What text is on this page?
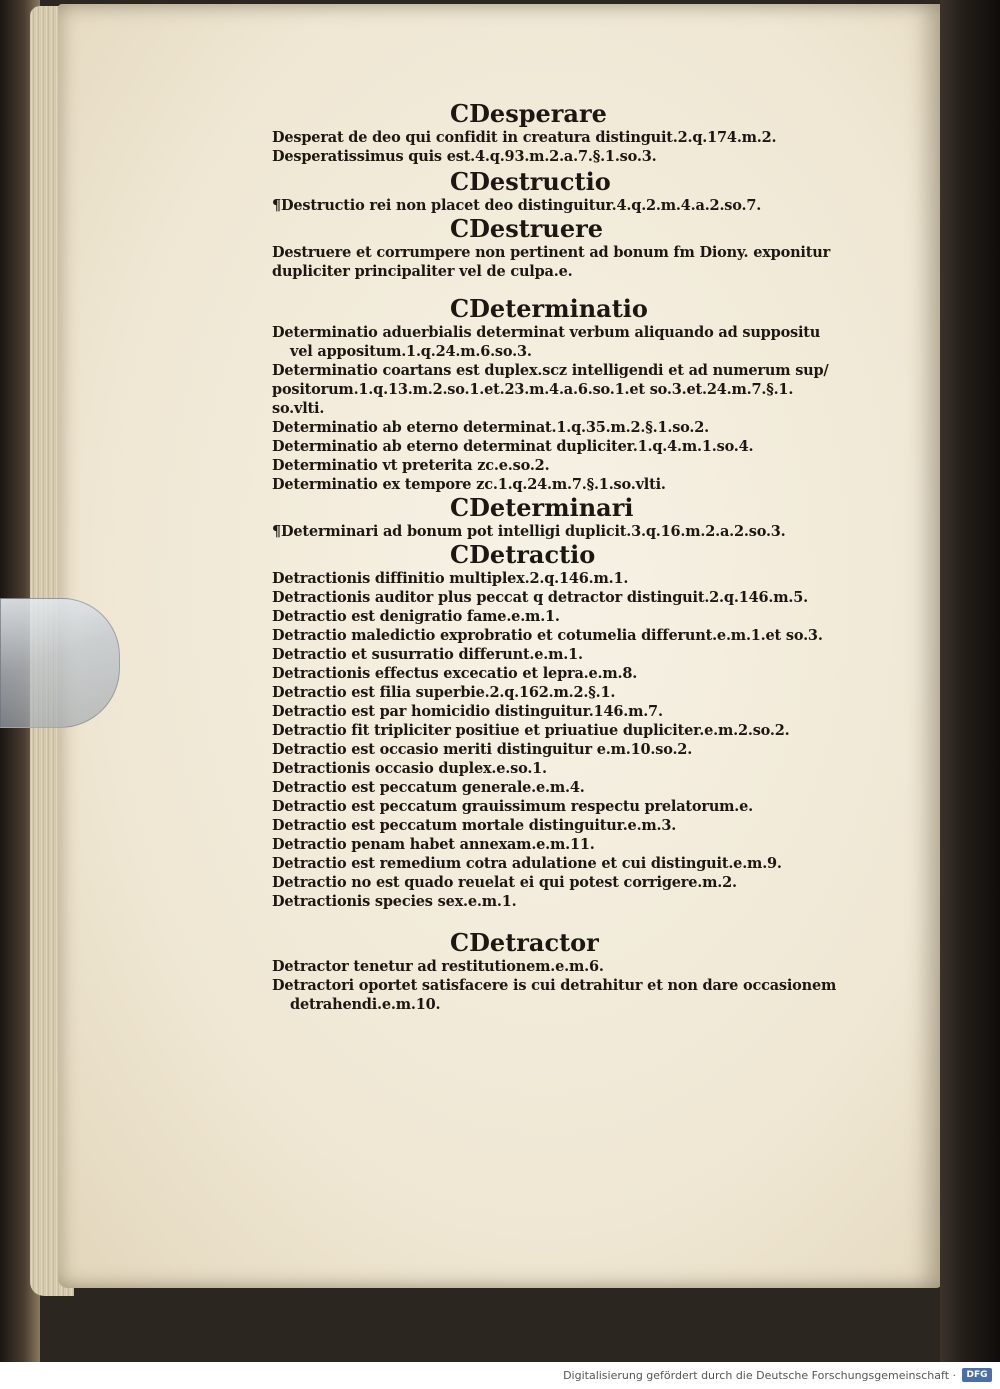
CDesperare
Desperat de deo qui confidit in creatura distinguit.2.q.174.m.2.
Desperatissimus quis est.4.q.93.m.2.a.7.§.1.so.3.
CDestructio
¶Destructio rei non placet deo distinguitur.4.q.2.m.4.a.2.so.7.
CDestruere
Destruere et corrumpere non pertinent ad bonum fm Diony. exponitur
dupliciter principaliter vel de culpa.e.
CDeterminatio
Determinatio aduerbialis determinat verbum aliquando ad suppositu
vel appositum.1.q.24.m.6.so.3.
Determinatio coartans est duplex.scz intelligendi et ad numerum sup/
positorum.1.q.13.m.2.so.1.et.23.m.4.a.6.so.1.et so.3.et.24.m.7.§.1.
so.vlti.
Determinatio ab eterno determinat.1.q.35.m.2.§.1.so.2.
Determinatio ab eterno determinat dupliciter.1.q.4.m.1.so.4.
Determinatio vt preterita zc.e.so.2.
Determinatio ex tempore zc.1.q.24.m.7.§.1.so.vlti.
CDeterminari
¶Determinari ad bonum pot intelligi duplicit.3.q.16.m.2.a.2.so.3.
CDetractio
Detractionis diffinitio multiplex.2.q.146.m.1.
Detractionis auditor plus peccat q detractor distinguit.2.q.146.m.5.
Detractio est denigratio fame.e.m.1.
Detractio maledictio exprobratio et cotumelia differunt.e.m.1.et so.3.
Detractio et susurratio differunt.e.m.1.
Detractionis effectus excecatio et lepra.e.m.8.
Detractio est filia superbie.2.q.162.m.2.§.1.
Detractio est par homicidio distinguitur.146.m.7.
Detractio fit tripliciter positiue et priuatiue dupliciter.e.m.2.so.2.
Detractio est occasio meriti distinguitur e.m.10.so.2.
Detractionis occasio duplex.e.so.1.
Detractio est peccatum generale.e.m.4.
Detractio est peccatum grauissimum respectu prelatorum.e.
Detractio est peccatum mortale distinguitur.e.m.3.
Detractio penam habet annexam.e.m.11.
Detractio est remedium cotra adulatione et cui distinguit.e.m.9.
Detractio no est quado reuelat ei qui potest corrigere.m.2.
Detractionis species sex.e.m.1.
CDetractor
Detractor tenetur ad restitutionem.e.m.6.
Detractori oportet satisfacere is cui detrahitur et non dare occasionem
detrahendi.e.m.10.
Digitalisierung gefördert durch die Deutsche Forschungsgemeinschaft ·	DFG
